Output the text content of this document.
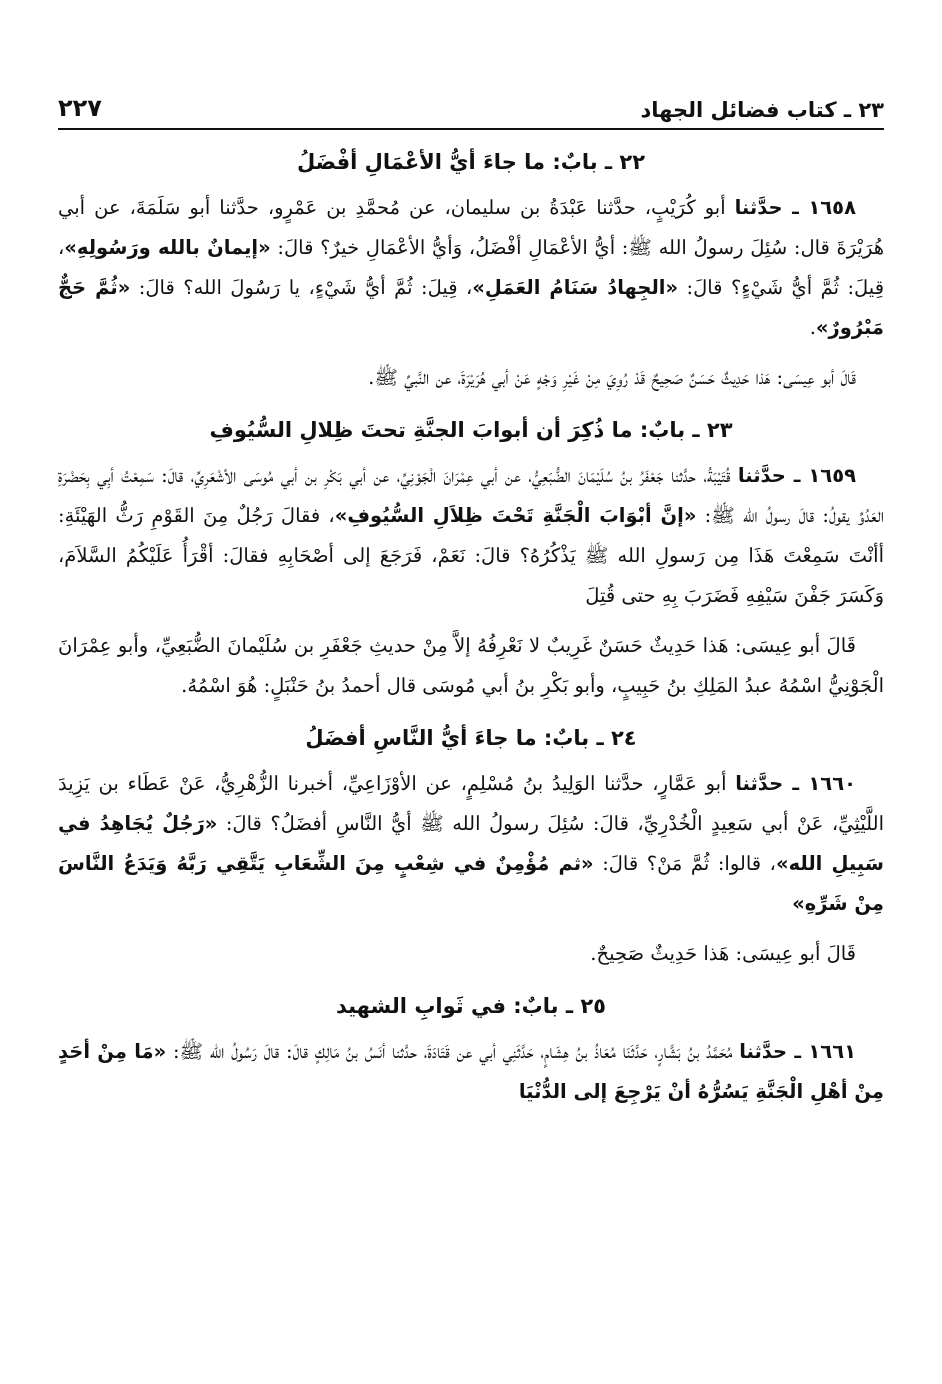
٢٣ ـ كتاب فضائل الجهاد
٢٢٧
٢٢ ـ بابٌ: ما جاءَ أيُّ الأعْمَالِ أفْضَلُ

١٦٥٨ ـ حدَّثنا أبو كُرَيْبٍ، حدَّثنا عَبْدَةُ بن سليمان، عن مُحمَّدِ بن عَمْرٍو، حدَّثنا أبو سَلَمَةَ، عن أبي هُرَيْرَةَ قال: سُئِلَ رسولُ الله ﷺ: أيُّ الأعْمَالِ أفْضَلُ، وَأيُّ الأعْمَالِ خيرٌ؟ قالَ: «إيمانٌ بالله ورَسُولِهِ»، قِيلَ: ثُمَّ أيُّ شَيْءٍ؟ قالَ: «الجِهادُ سَنَامُ العَمَلِ»، قِيلَ: ثُمَّ أيُّ شَيْءٍ، يا رَسُولَ الله؟ قالَ: «ثُمَّ حَجٌّ مَبْرُورٌ».

قَالَ أبو عِيسَى: هَذا حَدِيثٌ حَسَنٌ صَحِيحٌ قَدْ رُوِيَ مِنْ غَيْرِ وَجْهٍ عَنْ أبي هُرَيْرَةَ، عن النَّبيِّ ﷺ.

٢٣ ـ بابٌ: ما ذُكِرَ أن أبوابَ الجنَّةِ تحتَ ظِلالِ السُّيُوفِ

١٦٥٩ ـ حدَّثنا قُتَيْبَةُ، حدَّثنا جَعْفَرُ بنُ سُلَيْمَانَ الضُّبَعِيُّ، عن أبي عِمْرَانَ الْجَوْنِيِّ، عن أبي بَكْرِ بن أبي مُوسَى الأشْعَرِيِّ، قالَ: سَمِعْتُ أبِي بِحَضْرَةِ العَدُوِّ يقولُ: قالَ رسولُ الله ﷺ: «إنَّ أبْوَابَ الْجَنَّةِ تَحْتَ ظِلاَلِ السُّيُوفِ»، فقالَ رَجُلٌ مِنَ القَوْمِ رَثُّ الهَيْئَةِ: أأنْتَ سَمِعْتَ هَذَا مِن رَسولِ الله ﷺ يَذْكُرُهُ؟ قالَ: نَعَمْ، فَرَجَعَ إلى أصْحَابِهِ فقالَ: أقْرَأُ عَلَيْكُمُ السَّلاَمَ، وَكَسَرَ جَفْنَ سَيْفِهِ فَضَرَبَ بِهِ حتى قُتِلَ

قَالَ أبو عِيسَى: هَذا حَدِيثٌ حَسَنٌ غَرِيبٌ لا نَعْرِفُهُ إلاَّ مِنْ حديثِ جَعْفَرِ بن سُلَيْمانَ الضُّبَعِيِّ، وأبو عِمْرَانَ الْجَوْنِيُّ اسْمُهُ عبدُ المَلِكِ بنُ حَبِيبٍ، وأبو بَكْرِ بنُ أبي مُوسَى قال أحمدُ بنُ حَنْبَلٍ: هُوَ اسْمُهُ.

٢٤ ـ بابٌ: ما جاءَ أيُّ النَّاسِ أفضَلُ

١٦٦٠ ـ حدَّثنا أبو عَمَّارٍ، حدَّثنا الوَلِيدُ بنُ مُسْلِمٍ، عن الأوْزَاعِيِّ، أخبرنا الزُّهْرِيُّ، عَنْ عَطَاء بن يَزِيدَ اللَّيْثِيِّ، عَنْ أبي سَعِيدٍ الْخُدْرِيِّ، قالَ: سُئِلَ رسولُ الله ﷺ أيُّ النَّاسِ أفضَلُ؟ قالَ: «رَجُلٌ يُجَاهِدُ في سَبِيلِ الله»، قالوا: ثُمَّ مَنْ؟ قالَ: «ثم مُؤْمِنٌ في شِعْبٍ مِنَ الشِّعَابِ يَتَّقِي رَبَّهُ وَيَدَعُ النَّاسَ مِنْ شَرِّهِ»

قَالَ أبو عِيسَى: هَذا حَدِيثٌ صَحِيحٌ.

٢٥ ـ بابٌ: في ثَوابِ الشهيد

١٦٦١ ـ حدَّثنا مُحَمَّدُ بنُ بَشَّارٍ، حَدَّثَنَا مُعَاذُ بنُ هِشَامٍ، حَدَّثَنِي أبي عن قَتَادَةَ، حدَّثنا أنَسُ بنُ مَالِكٍ قالَ: قالَ رَسُولُ الله ﷺ: «مَا مِنْ أحَدٍ مِنْ أهْلِ الْجَنَّةِ يَسُرُّهُ أنْ يَرْجِعَ إلى الدُّنْيَا
